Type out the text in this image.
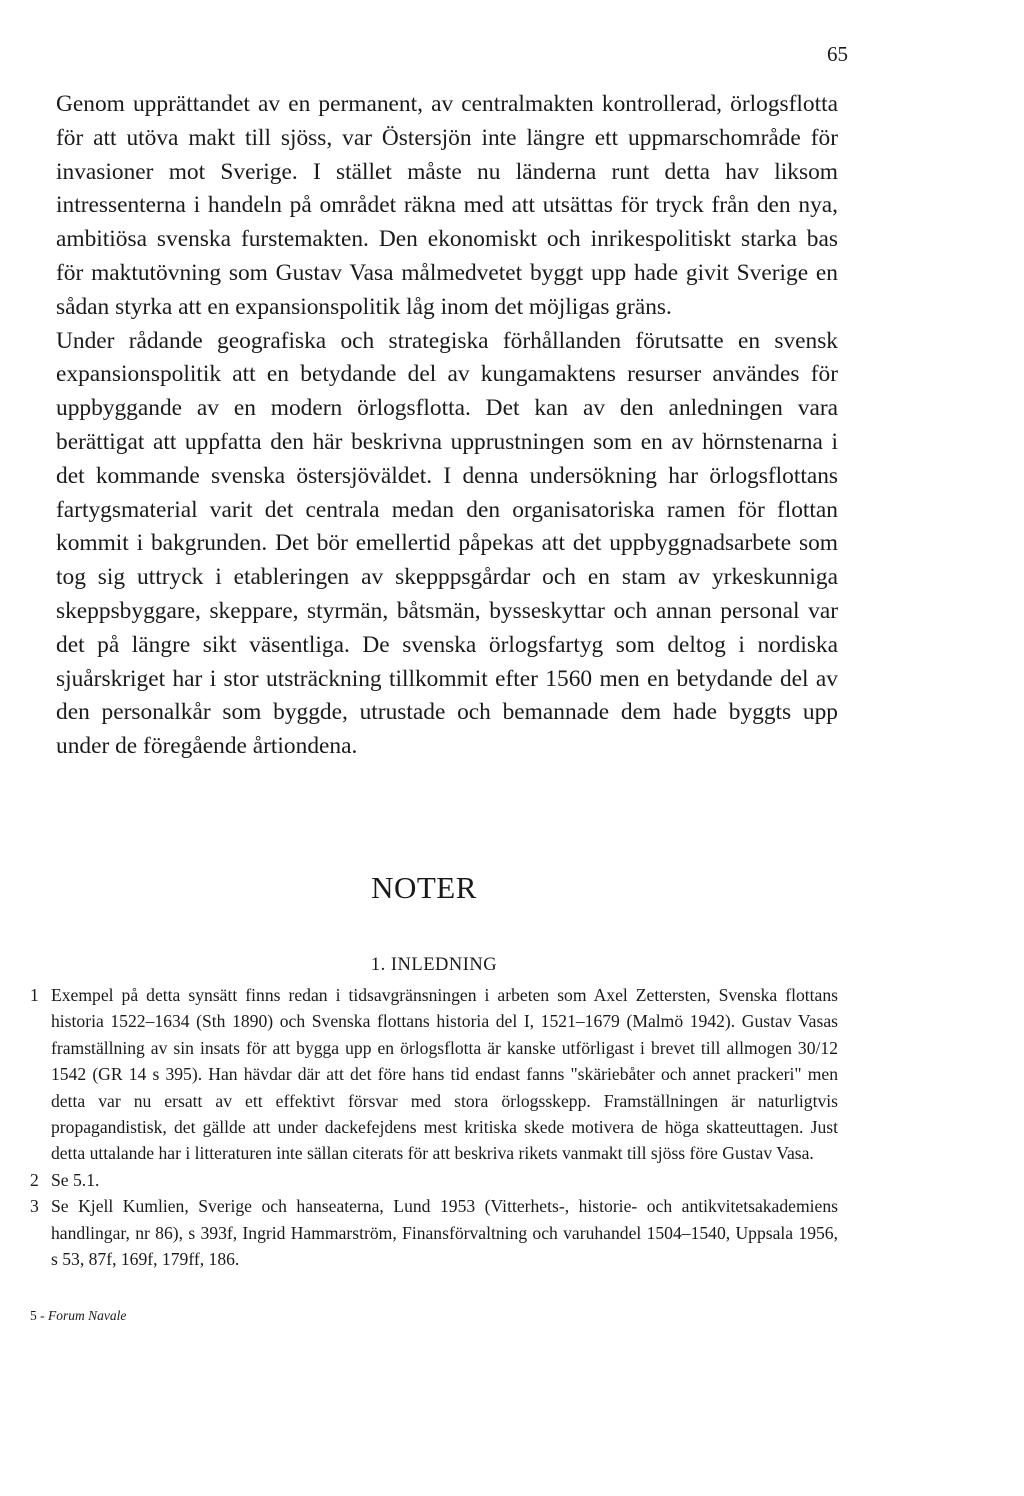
65

Genom upprättandet av en permanent, av centralmakten kontrollerad, örlogsflotta för att utöva makt till sjöss, var Östersjön inte längre ett uppmarschområde för invasioner mot Sverige. I stället måste nu länderna runt detta hav liksom intressenterna i handeln på området räkna med att utsättas för tryck från den nya, ambitiösa svenska furstemakten. Den ekonomiskt och inrikespolitiskt starka bas för maktutövning som Gustav Vasa målmedvetet byggt upp hade givit Sverige en sådan styrka att en expansionspolitik låg inom det möjligas gräns.

Under rådande geografiska och strategiska förhållanden förutsatte en svensk expansionspolitik att en betydande del av kungamaktens resurser användes för uppbyggande av en modern örlogsflotta. Det kan av den anledningen vara berättigat att uppfatta den här beskrivna upprustningen som en av hörnstenarna i det kommande svenska östersjöväldet. I denna undersökning har örlogsflottans fartygsmaterial varit det centrala medan den organisatoriska ramen för flottan kommit i bakgrunden. Det bör emellertid påpekas att det uppbyggnadsarbete som tog sig uttryck i etableringen av skepppsgårdar och en stam av yrkeskunniga skeppsbyggare, skeppare, styrmän, båtsmän, bysseskyttar och annan personal var det på längre sikt väsentliga. De svenska örlogsfartyg som deltog i nordiska sjuårskriget har i stor utsträckning tillkommit efter 1560 men en betydande del av den personalkår som byggde, utrustade och bemannade dem hade byggts upp under de föregående årtiondena.

NOTER
1. INLEDNING
1 Exempel på detta synsätt finns redan i tidsavgränsningen i arbeten som Axel Zettersten, Svenska flottans historia 1522–1634 (Sth 1890) och Svenska flottans historia del I, 1521–1679 (Malmö 1942). Gustav Vasas framställning av sin insats för att bygga upp en örlogsflotta är kanske utförligast i brevet till allmogen 30/12 1542 (GR 14 s 395). Han hävdar där att det före hans tid endast fanns "skäriebåter och annet prackeri" men detta var nu ersatt av ett effektivt försvar med stora örlogsskepp. Framställningen är naturligtvis propagandistisk, det gällde att under dackefejdens mest kritiska skede motivera de höga skatteuttagen. Just detta uttalande har i litteraturen inte sällan citerats för att beskriva rikets vanmakt till sjöss före Gustav Vasa.
2 Se 5.1.
3 Se Kjell Kumlien, Sverige och hanseaterna, Lund 1953 (Vitterhets-, historie- och antikvitetsakademiens handlingar, nr 86), s 393f, Ingrid Hammarström, Finansförvaltning och varuhandel 1504–1540, Uppsala 1956, s 53, 87f, 169f, 179ff, 186.
5 - Forum Navale
